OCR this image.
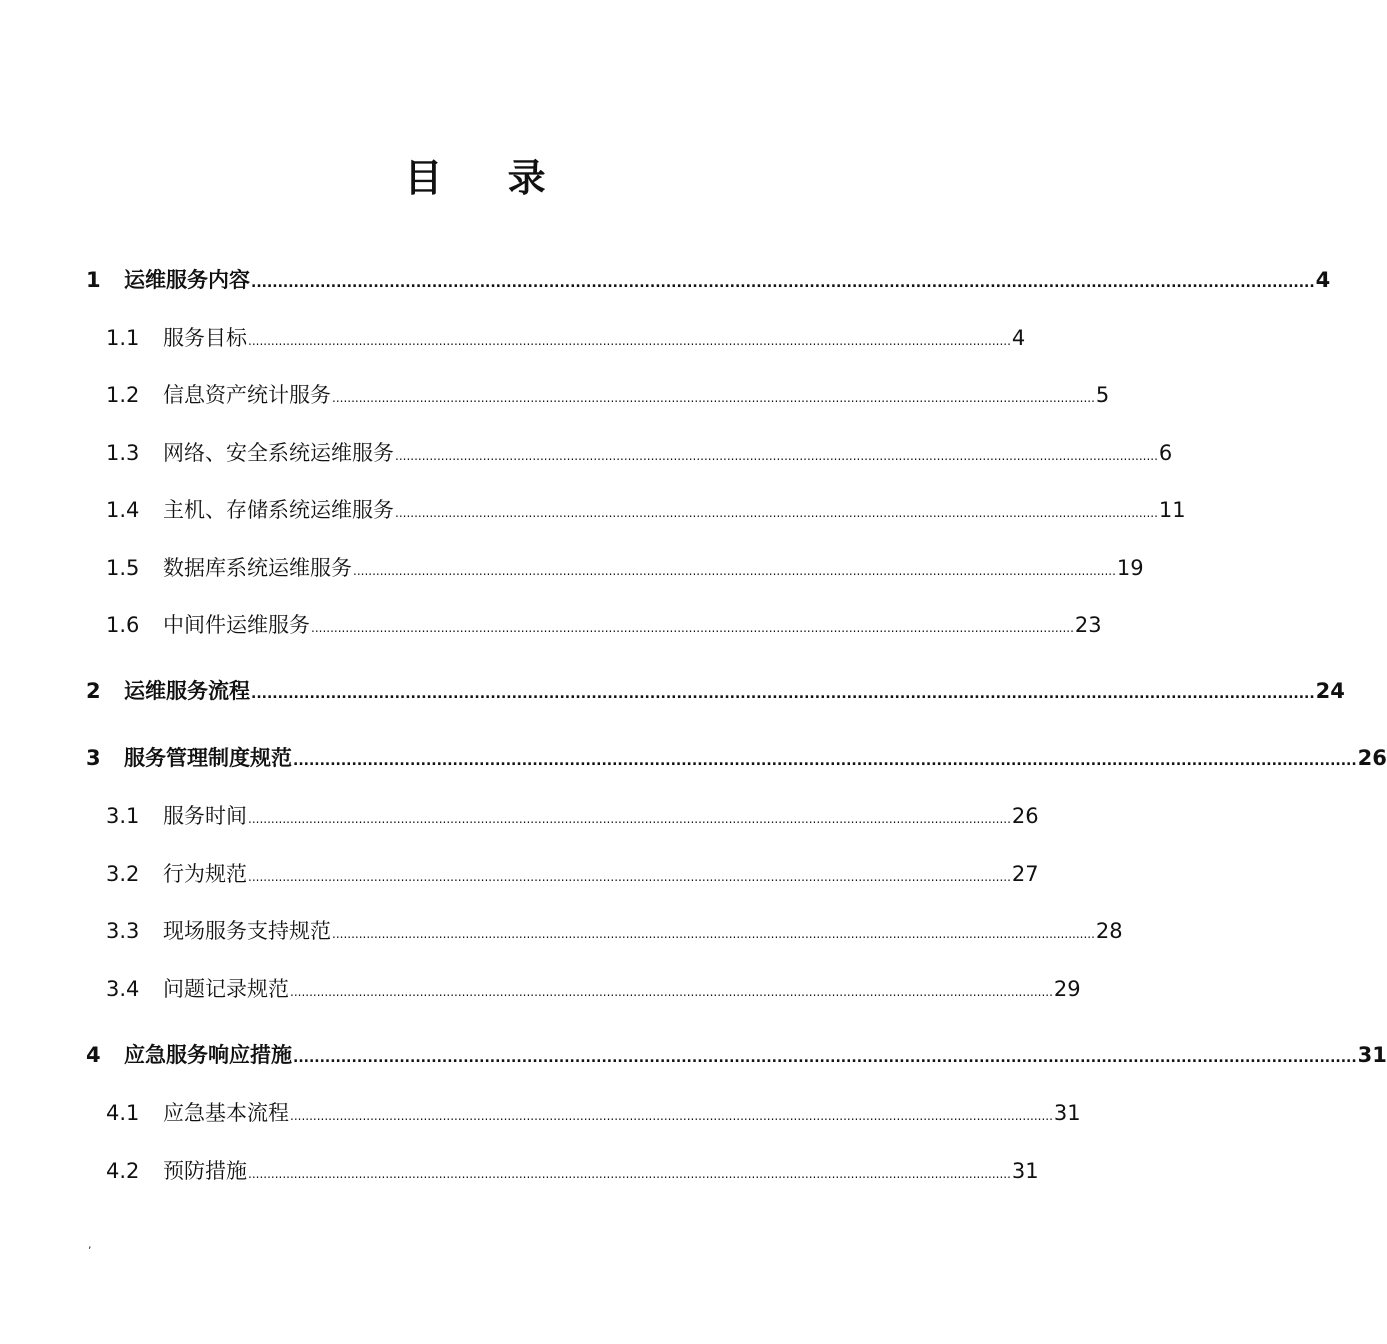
目 录
1	运维服务内容 ........................................................................................................................................................................................................ 4
1.1	服务目标 ........................................................................................................................................................................................................ 4
1.2	信息资产统计服务 ........................................................................................................................................................................................................ 5
1.3	网络、安全系统运维服务 ........................................................................................................................................................................................................ 6
1.4	主机、存储系统运维服务 ........................................................................................................................................................................................................ 11
1.5	数据库系统运维服务 ........................................................................................................................................................................................................ 19
1.6	中间件运维服务 ........................................................................................................................................................................................................ 23
2	运维服务流程 ........................................................................................................................................................................................................ 24
3	服务管理制度规范 ........................................................................................................................................................................................................ 26
3.1	服务时间 ........................................................................................................................................................................................................ 26
3.2	行为规范 ........................................................................................................................................................................................................ 27
3.3	现场服务支持规范 ........................................................................................................................................................................................................ 28
3.4	问题记录规范 ........................................................................................................................................................................................................ 29
4	应急服务响应措施 ........................................................................................................................................................................................................ 31
4.1	应急基本流程 ........................................................................................................................................................................................................ 31
4.2	预防措施 ........................................................................................................................................................................................................ 31
,
